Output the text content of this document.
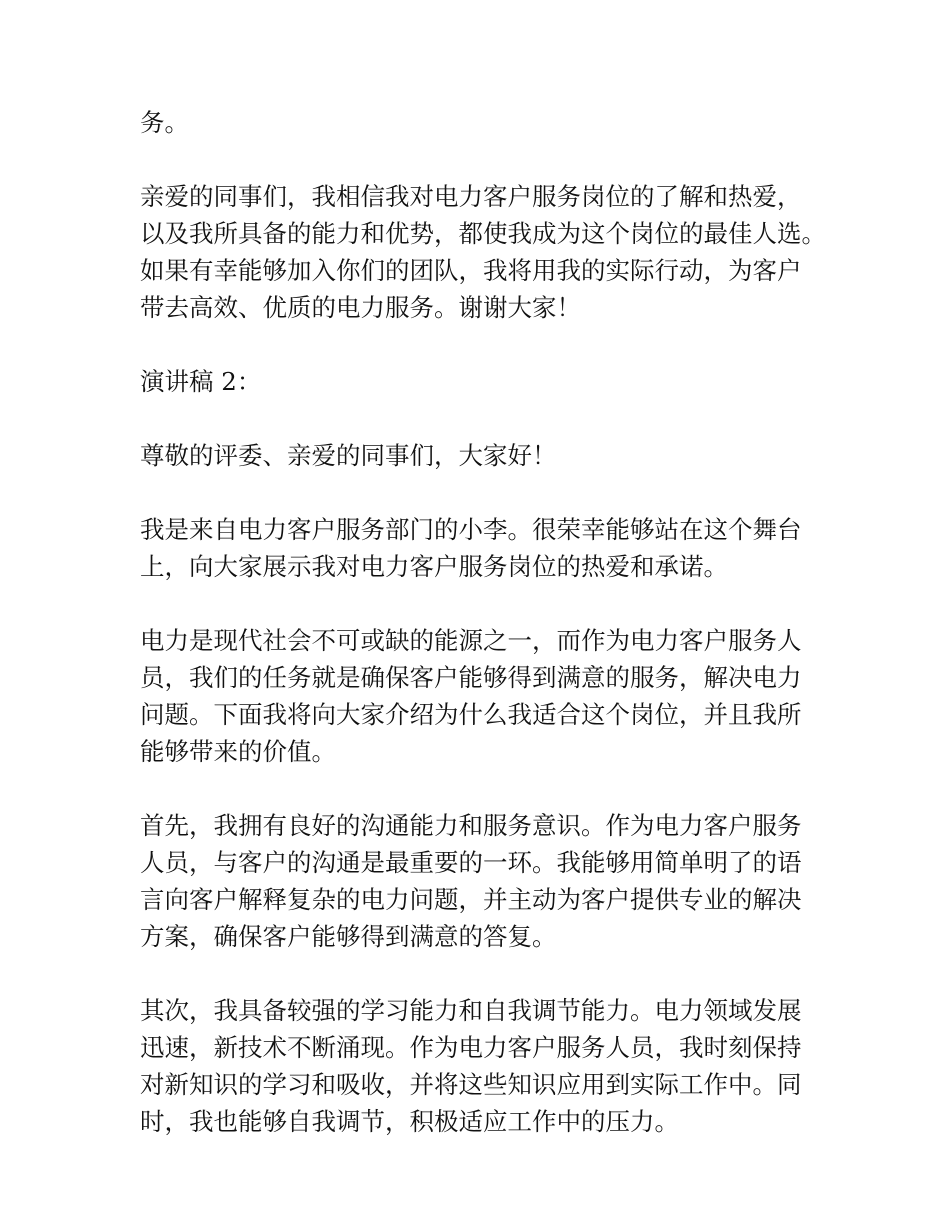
务。

亲爱的同事们，我相信我对电力客户服务岗位的了解和热爱，
以及我所具备的能力和优势，都使我成为这个岗位的最佳人选。
如果有幸能够加入你们的团队，我将用我的实际行动，为客户
带去高效、优质的电力服务。谢谢大家！

演讲稿 2：

尊敬的评委、亲爱的同事们，大家好！

我是来自电力客户服务部门的小李。很荣幸能够站在这个舞台
上，向大家展示我对电力客户服务岗位的热爱和承诺。

电力是现代社会不可或缺的能源之一，而作为电力客户服务人
员，我们的任务就是确保客户能够得到满意的服务，解决电力
问题。下面我将向大家介绍为什么我适合这个岗位，并且我所
能够带来的价值。

首先，我拥有良好的沟通能力和服务意识。作为电力客户服务
人员，与客户的沟通是最重要的一环。我能够用简单明了的语
言向客户解释复杂的电力问题，并主动为客户提供专业的解决
方案，确保客户能够得到满意的答复。

其次，我具备较强的学习能力和自我调节能力。电力领域发展
迅速，新技术不断涌现。作为电力客户服务人员，我时刻保持
对新知识的学习和吸收，并将这些知识应用到实际工作中。同
时，我也能够自我调节，积极适应工作中的压力。
